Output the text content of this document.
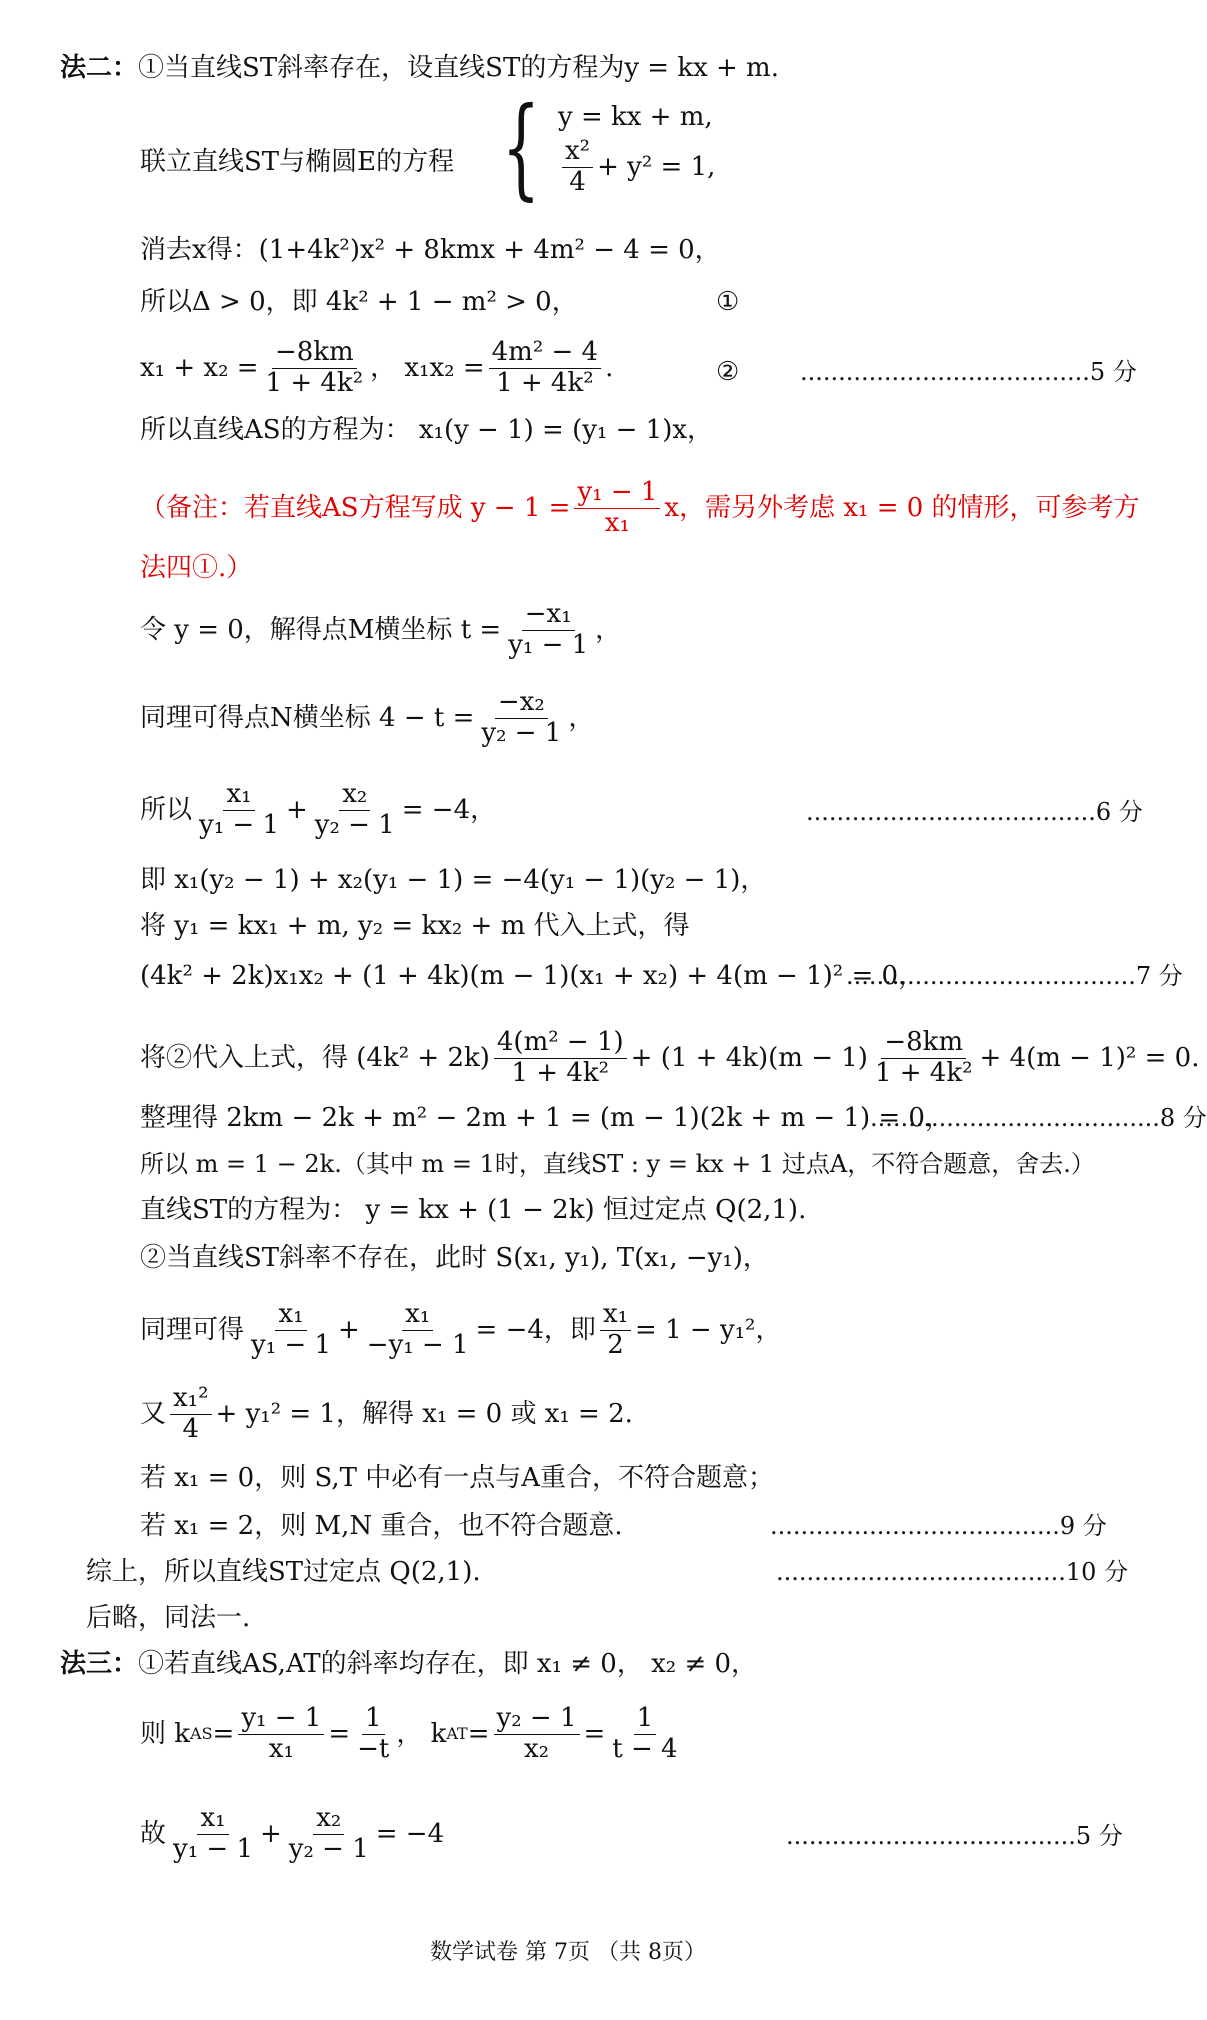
法二：①当直线ST斜率存在，设直线ST的方程为y = kx + m.
联立直线ST与椭圆E的方程 { y = kx + m,
$\frac{\text{x²}}{4} + y^2 = 1$,
消去x得：(1+4k²)x² + 8kmx + 4m² − 4 = 0，
所以Δ > 0，即 4k² + 1 − m² > 0，	①
$x_1 + x_2 = \frac{-8km}{\text{1 + 4k²}}$ ， $x_1x_2 = \frac{\text{4m² − 4}}{\text{1 + 4k²}}$ .	②	......................................5 分
所以直线AS的方程为： x₁(y − 1) = (y₁ − 1)x，
（备注：若直线AS方程写成 $y - 1 = \frac{\text{y₁ − 1}}{\text{x₁}}$ x，需另外考虑 x₁ = 0 的情形，可参考方
法四①.）
令 y = 0，解得点M横坐标 $t = \frac{\text{−x₁}}{\text{y₁ − 1}}$ ，
同理可得点N横坐标 $4 - t = \frac{\text{−x₂}}{\text{y₂ − 1}}$ ，
所以 $\frac{\text{x₁}}{\text{y₁ − 1}} + \frac{\text{x₂}}{\text{y₂ − 1}} = -4$，	......................................6 分
即 x₁(y₂ − 1) + x₂(y₁ − 1) = −4(y₁ − 1)(y₂ − 1)，
将 y₁ = kx₁ + m, y₂ = kx₂ + m 代入上式，得
(4k² + 2k)x₁x₂ + (1 + 4k)(m − 1)(x₁ + x₂) + 4(m − 1)² = 0，
......................................7 分
将②代入上式，得 $(4k^2 + 2k) \frac{\text{4(m² − 1)}}{\text{1 + 4k²}} + (1 + 4k)(m - 1) \frac{-8km}{\text{1 + 4k²}} + 4(m - 1)^2 = 0$.
整理得 2km − 2k + m² − 2m + 1 = (m − 1)(2k + m − 1) = 0，
......................................8 分
所以 m = 1 − 2k.（其中 m = 1时，直线ST : y = kx + 1 过点A，不符合题意，舍去.）
直线ST的方程为： y = kx + (1 − 2k) 恒过定点 Q(2,1).
②当直线ST斜率不存在，此时 S(x₁, y₁), T(x₁, −y₁)，
同理可得 $\frac{\text{x₁}}{\text{y₁ − 1}} + \frac{\text{x₁}}{\text{−y₁ − 1}} = -4$，即 $\frac{\text{x₁}}{2} = 1 - y_1^2$，
又 $\frac{\text{x₁²}}{4} + y_1^2 = 1$，解得 x₁ = 0 或 x₁ = 2.
若 x₁ = 0，则 S,T 中必有一点与A重合，不符合题意；
若 x₁ = 2，则 M,N 重合，也不符合题意.	......................................9 分
综上，所以直线ST过定点 Q(2,1).	......................................10 分
后略，同法一.
法三：①若直线AS,AT的斜率均存在，即 x₁ ≠ 0， x₂ ≠ 0，
则 k AS = $\frac{\text{y₁ − 1}}{\text{x₁}} = \frac{1}{-t}$ ， k AT = $\frac{\text{y₂ − 1}}{\text{x₂}} = \frac{1}{t - 4}$
故 $\frac{\text{x₁}}{\text{y₁ − 1}} + \frac{\text{x₂}}{\text{y₂ − 1}} = -4$	......................................5 分
数学试卷 第 7页 （共 8页）
